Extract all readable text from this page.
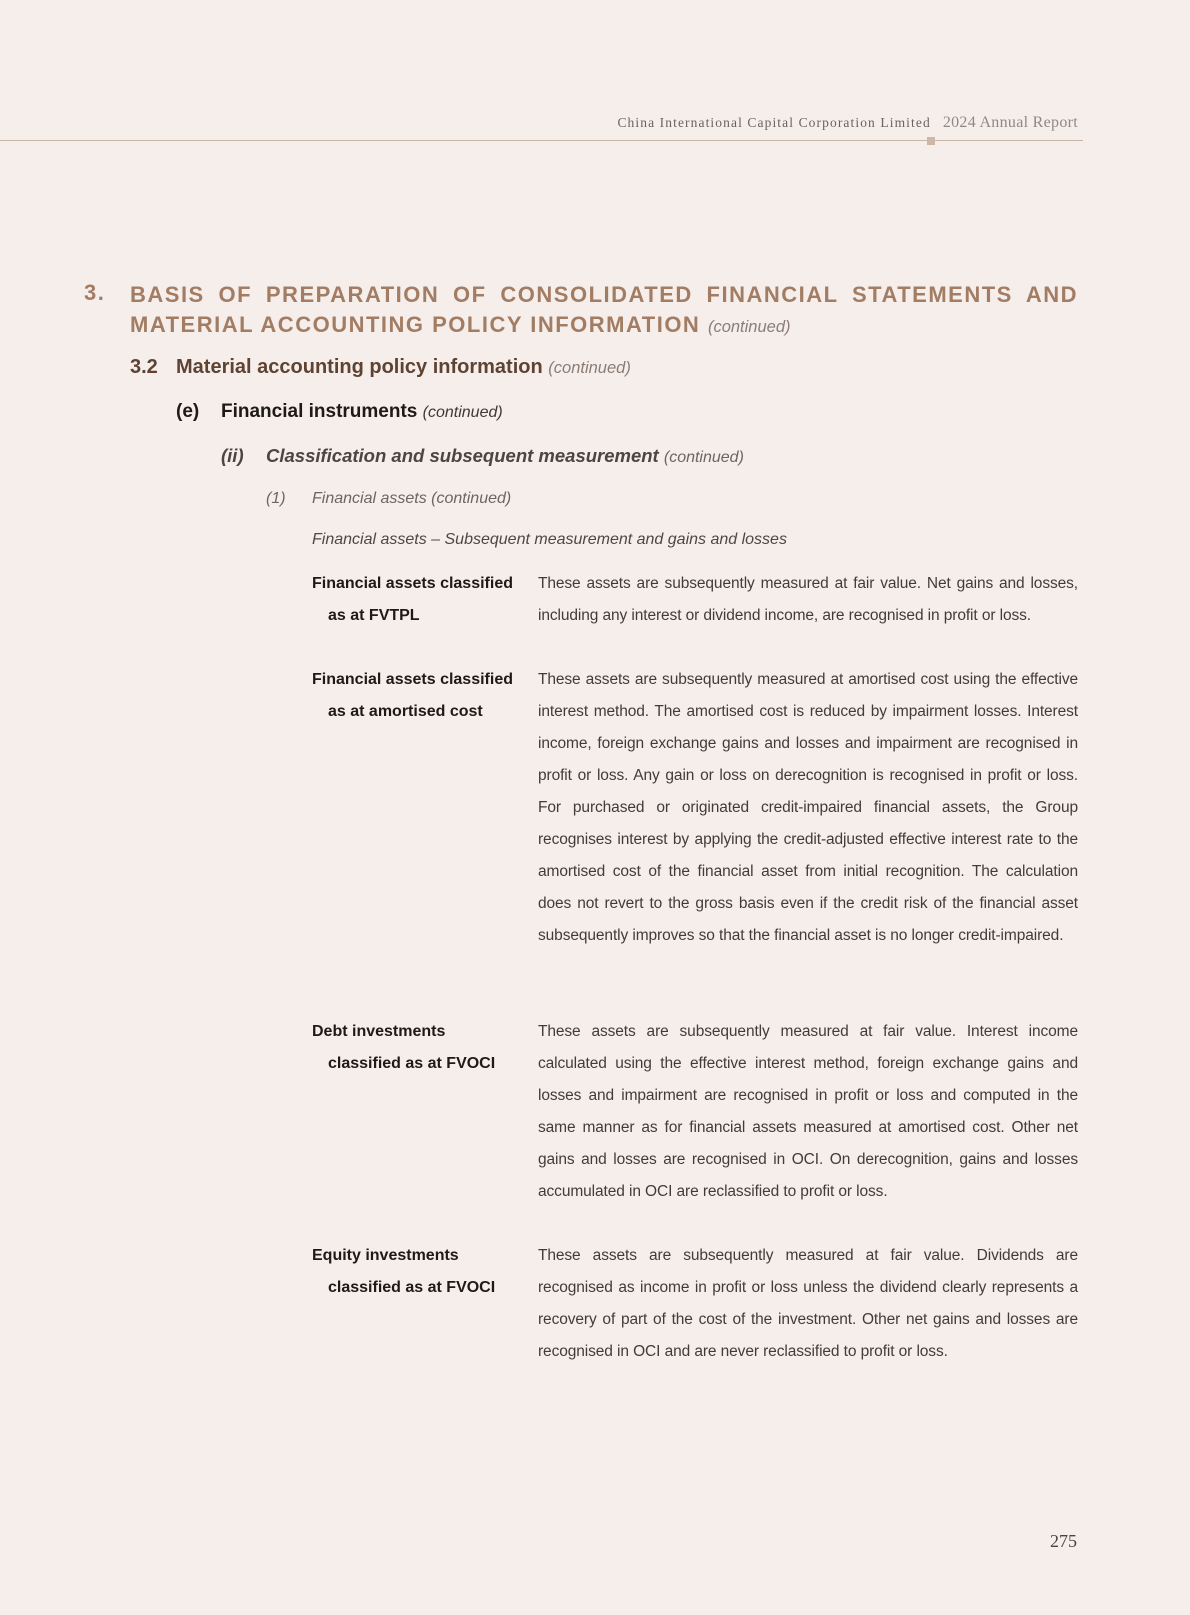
China International Capital Corporation Limited 2024 Annual Report
3. BASIS OF PREPARATION OF CONSOLIDATED FINANCIAL STATEMENTS AND
MATERIAL ACCOUNTING POLICY INFORMATION (continued)
3.2 Material accounting policy information (continued)
(e) Financial instruments (continued)
(ii) Classification and subsequent measurement (continued)
(1) Financial assets (continued)
Financial assets – Subsequent measurement and gains and losses
Financial assets classified
as at FVTPL
These assets are subsequently measured at fair value. Net gains and losses, including any interest or dividend income, are recognised in profit or loss.
Financial assets classified
as at amortised cost
These assets are subsequently measured at amortised cost using the effective interest method. The amortised cost is reduced by impairment losses. Interest income, foreign exchange gains and losses and impairment are recognised in profit or loss. Any gain or loss on derecognition is recognised in profit or loss. For purchased or originated credit-impaired financial assets, the Group recognises interest by applying the credit-adjusted effective interest rate to the amortised cost of the financial asset from initial recognition. The calculation does not revert to the gross basis even if the credit risk of the financial asset subsequently improves so that the financial asset is no longer credit-impaired.
Debt investments
classified as at FVOCI
These assets are subsequently measured at fair value. Interest income calculated using the effective interest method, foreign exchange gains and losses and impairment are recognised in profit or loss and computed in the same manner as for financial assets measured at amortised cost. Other net gains and losses are recognised in OCI. On derecognition, gains and losses accumulated in OCI are reclassified to profit or loss.
Equity investments
classified as at FVOCI
These assets are subsequently measured at fair value. Dividends are recognised as income in profit or loss unless the dividend clearly represents a recovery of part of the cost of the investment. Other net gains and losses are recognised in OCI and are never reclassified to profit or loss.
275
